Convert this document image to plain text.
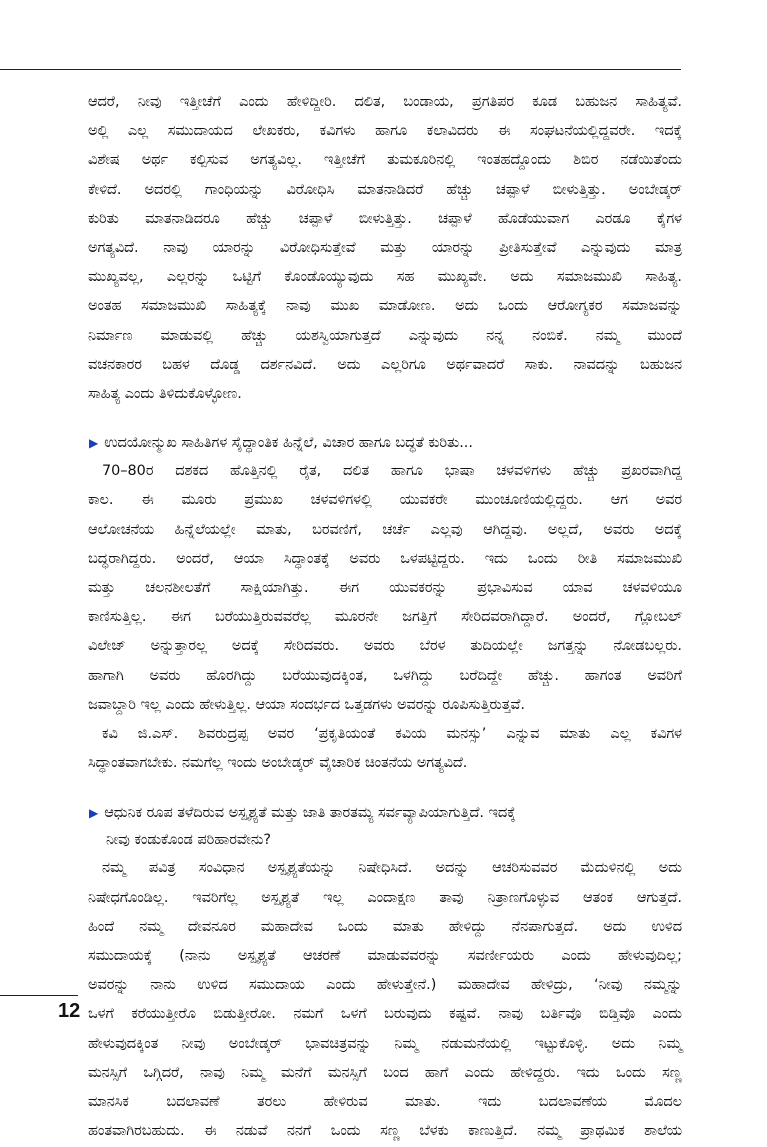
ಆದರೆ, ನೀವು ಇತ್ತೀಚೆಗೆ ಎಂದು ಹೇಳಿದ್ದೀರಿ. ದಲಿತ, ಬಂಡಾಯ, ಪ್ರಗತಿಪರ ಕೂಡ ಬಹುಜನ ಸಾಹಿತ್ಯವೆ.
ಅಲ್ಲಿ ಎಲ್ಲ ಸಮುದಾಯದ ಲೇಖಕರು, ಕವಿಗಳು ಹಾಗೂ ಕಲಾವಿದರು ಈ ಸಂಘಟನೆಯಲ್ಲಿದ್ದವರೇ. ಇದಕ್ಕೆ
ವಿಶೇಷ ಅರ್ಥ ಕಲ್ಪಿಸುವ ಅಗತ್ಯವಿಲ್ಲ. ಇತ್ತೀಚೆಗೆ ತುಮಕೂರಿನಲ್ಲಿ ಇಂತಹದ್ದೊಂದು ಶಿಬಿರ ನಡೆಯಿತೆಂದು
ಕೇಳಿದೆ. ಅದರಲ್ಲಿ ಗಾಂಧಿಯನ್ನು ವಿರೋಧಿಸಿ ಮಾತನಾಡಿದರೆ ಹೆಚ್ಚು ಚಪ್ಪಾಳೆ ಬೀಳುತ್ತಿತ್ತು. ಅಂಬೇಡ್ಕರ್
ಕುರಿತು ಮಾತನಾಡಿದರೂ ಹೆಚ್ಚು ಚಪ್ಪಾಳೆ ಬೀಳುತ್ತಿತ್ತು. ಚಪ್ಪಾಳೆ ಹೊಡೆಯುವಾಗ ಎರಡೂ ಕೈಗಳ
ಅಗತ್ಯವಿದೆ. ನಾವು ಯಾರನ್ನು ವಿರೋಧಿಸುತ್ತೇವೆ ಮತ್ತು ಯಾರನ್ನು ಪ್ರೀತಿಸುತ್ತೇವೆ ಎನ್ನುವುದು ಮಾತ್ರ
ಮುಖ್ಯವಲ್ಲ, ಎಲ್ಲರನ್ನು ಒಟ್ಟಿಗೆ ಕೊಂಡೊಯ್ಯುವುದು ಸಹ ಮುಖ್ಯವೇ. ಅದು ಸಮಾಜಮುಖಿ ಸಾಹಿತ್ಯ.
ಅಂತಹ ಸಮಾಜಮುಖಿ ಸಾಹಿತ್ಯಕ್ಕೆ ನಾವು ಮುಖ ಮಾಡೋಣ. ಅದು ಒಂದು ಆರೋಗ್ಯಕರ ಸಮಾಜವನ್ನು
ನಿರ್ಮಾಣ ಮಾಡುವಲ್ಲಿ ಹೆಚ್ಚು ಯಶಸ್ವಿಯಾಗುತ್ತದೆ ಎನ್ನುವುದು ನನ್ನ ನಂಬಿಕೆ. ನಮ್ಮ ಮುಂದೆ
ವಚನಕಾರರ ಬಹಳ ದೊಡ್ಡ ದರ್ಶನವಿದೆ. ಅದು ಎಲ್ಲರಿಗೂ ಅರ್ಥವಾದರೆ ಸಾಕು. ನಾವದನ್ನು ಬಹುಜನ
ಸಾಹಿತ್ಯ ಎಂದು ತಿಳಿದುಕೊಳ್ಳೋಣ.
▶ ಉದಯೋನ್ಮುಖ ಸಾಹಿತಿಗಳ ಸೈದ್ಧಾಂತಿಕ ಹಿನ್ನೆಲೆ, ವಿಚಾರ ಹಾಗೂ ಬದ್ಧತೆ ಕುರಿತು...
70–80ರ ದಶಕದ ಹೊತ್ತಿನಲ್ಲಿ ರೈತ, ದಲಿತ ಹಾಗೂ ಭಾಷಾ ಚಳವಳಿಗಳು ಹೆಚ್ಚು ಪ್ರಖರವಾಗಿದ್ದ
ಕಾಲ. ಈ ಮೂರು ಪ್ರಮುಖ ಚಳವಳಿಗಳಲ್ಲಿ ಯುವಕರೇ ಮುಂಚೂಣಿಯಲ್ಲಿದ್ದರು. ಆಗ ಅವರ
ಆಲೋಚನೆಯ ಹಿನ್ನೆಲೆಯಲ್ಲೇ ಮಾತು, ಬರವಣಿಗೆ, ಚರ್ಚೆ ಎಲ್ಲವು ಆಗಿದ್ದವು. ಅಲ್ಲದೆ, ಅವರು ಅದಕ್ಕೆ
ಬದ್ಧರಾಗಿದ್ದರು. ಅಂದರೆ, ಆಯಾ ಸಿದ್ಧಾಂತಕ್ಕೆ ಅವರು ಒಳಪಟ್ಟಿದ್ದರು. ಇದು ಒಂದು ರೀತಿ ಸಮಾಜಮುಖಿ
ಮತ್ತು ಚಲನಶೀಲತೆಗೆ ಸಾಕ್ಷಿಯಾಗಿತ್ತು. ಈಗ ಯುವಕರನ್ನು ಪ್ರಭಾವಿಸುವ ಯಾವ ಚಳವಳಿಯೂ
ಕಾಣಿಸುತ್ತಿಲ್ಲ. ಈಗ ಬರೆಯುತ್ತಿರುವವರೆಲ್ಲ ಮೂರನೇ ಜಗತ್ತಿಗೆ ಸೇರಿದವರಾಗಿದ್ದಾರೆ. ಅಂದರೆ, ಗ್ಲೋಬಲ್
ವಿಲೇಜ್ ಅನ್ನುತ್ತಾರಲ್ಲ ಅದಕ್ಕೆ ಸೇರಿದವರು. ಅವರು ಬೆರಳ ತುದಿಯಲ್ಲೇ ಜಗತ್ತನ್ನು ನೋಡಬಲ್ಲರು.
ಹಾಗಾಗಿ ಅವರು ಹೊರಗಿದ್ದು ಬರೆಯುವುದಕ್ಕಿಂತ, ಒಳಗಿದ್ದು ಬರೆದಿದ್ದೇ ಹೆಚ್ಚು. ಹಾಗಂತ ಅವರಿಗೆ
ಜವಾಬ್ದಾರಿ ಇಲ್ಲ ಎಂದು ಹೇಳುತ್ತಿಲ್ಲ. ಆಯಾ ಸಂದರ್ಭದ ಒತ್ತಡಗಳು ಅವರನ್ನು ರೂಪಿಸುತ್ತಿರುತ್ತವೆ.
ಕವಿ ಜಿ.ಎಸ್. ಶಿವರುದ್ರಪ್ಪ ಅವರ ‘ಪ್ರಕೃತಿಯಂತೆ ಕವಿಯ ಮನಸ್ಸು’ ಎನ್ನುವ ಮಾತು ಎಲ್ಲ ಕವಿಗಳ
ಸಿದ್ಧಾಂತವಾಗಬೇಕು. ನಮಗೆಲ್ಲ ಇಂದು ಅಂಬೇಡ್ಕರ್ ವೈಚಾರಿಕ ಚಿಂತನೆಯ ಅಗತ್ಯವಿದೆ.
▶ ಆಧುನಿಕ ರೂಪ ತಳೆದಿರುವ ಅಸ್ಪೃಶ್ಯತೆ ಮತ್ತು ಜಾತಿ ತಾರತಮ್ಯ ಸರ್ವವ್ಯಾಪಿಯಾಗುತ್ತಿದೆ. ಇದಕ್ಕೆ
ನೀವು ಕಂಡುಕೊಂಡ ಪರಿಹಾರವೇನು?
ನಮ್ಮ ಪವಿತ್ರ ಸಂವಿಧಾನ ಅಸ್ಪೃಶ್ಯತೆಯನ್ನು ನಿಷೇಧಿಸಿದೆ. ಅದನ್ನು ಆಚರಿಸುವವರ ಮೆದುಳಿನಲ್ಲಿ ಅದು
ನಿಷೇಧಗೊಂಡಿಲ್ಲ. ಇವರಿಗೆಲ್ಲ ಅಸ್ಪೃಶ್ಯತೆ ಇಲ್ಲ ಎಂದಾಕ್ಷಣ ತಾವು ನಿತ್ರಾಣಗೊಳ್ಳುವ ಆತಂಕ ಆಗುತ್ತದೆ.
ಹಿಂದೆ ನಮ್ಮ ದೇವನೂರ ಮಹಾದೇವ ಒಂದು ಮಾತು ಹೇಳಿದ್ದು ನೆನಪಾಗುತ್ತದೆ. ಅದು ಉಳಿದ
ಸಮುದಾಯಕ್ಕೆ (ನಾನು ಅಸ್ಪೃಶ್ಯತೆ ಆಚರಣೆ ಮಾಡುವವರನ್ನು ಸವರ್ಣೀಯರು ಎಂದು ಹೇಳುವುದಿಲ್ಲ;
ಅವರನ್ನು ನಾನು ಉಳಿದ ಸಮುದಾಯ ಎಂದು ಹೇಳುತ್ತೇನೆ.) ಮಹಾದೇವ ಹೇಳಿದ್ರು, ‘ನೀವು ನಮ್ಮನ್ನು
ಒಳಗೆ ಕರೆಯುತ್ತೀರೊ ಬಿಡುತ್ತೀರೋ. ನಮಗೆ ಒಳಗೆ ಬರುವುದು ಕಷ್ಟವೆ. ನಾವು ಬರ್ತಿವೊ ಬಿಡ್ತಿವೊ ಎಂದು
ಹೇಳುವುದಕ್ಕಿಂತ ನೀವು ಅಂಬೇಡ್ಕರ್ ಭಾವಚಿತ್ರವನ್ನು ನಿಮ್ಮ ನಡುಮನೆಯಲ್ಲಿ ಇಟ್ಟುಕೊಳ್ಳಿ. ಅದು ನಿಮ್ಮ
ಮನಸ್ಸಿಗೆ ಒಗ್ಗಿದರೆ, ನಾವು ನಿಮ್ಮ ಮನೆಗೆ ಮನಸ್ಸಿಗೆ ಬಂದ ಹಾಗೆ ಎಂದು ಹೇಳಿದ್ದರು. ಇದು ಒಂದು ಸಣ್ಣ
ಮಾನಸಿಕ ಬದಲಾವಣೆ ತರಲು ಹೇಳಿರುವ ಮಾತು. ಇದು ಬದಲಾವಣೆಯ ಮೊದಲ
ಹಂತವಾಗಿರಬಹುದು. ಈ ನಡುವೆ ನನಗೆ ಒಂದು ಸಣ್ಣ ಬೆಳಕು ಕಾಣುತ್ತಿದೆ. ನಮ್ಮ ಪ್ರಾಥಮಿಕ ಶಾಲೆಯ
12
